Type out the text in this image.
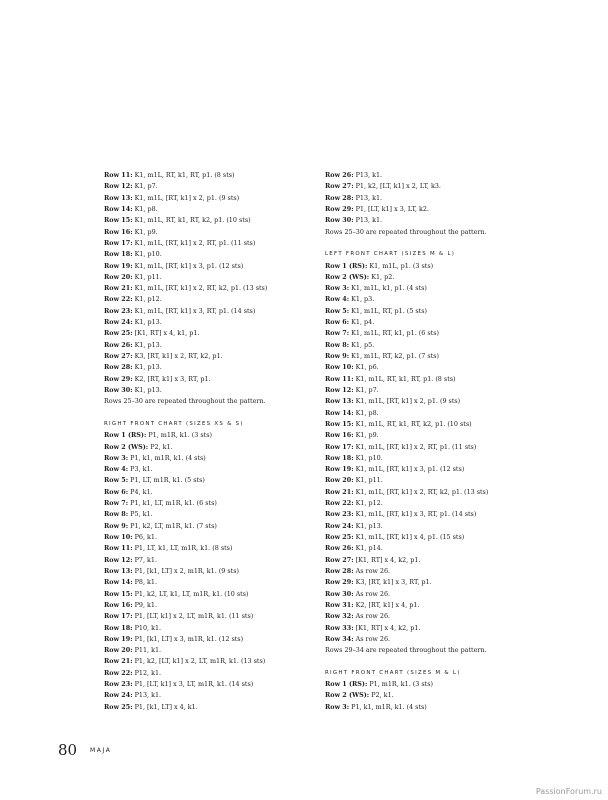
Row 11: K1, m1L, RT, k1, RT, p1. (8 sts)
Row 12: K1, p7.
Row 13: K1, m1L, [RT, k1] x 2, p1. (9 sts)
Row 14: K1, p8.
Row 15: K1, m1L, RT, k1, RT, k2, p1. (10 sts)
Row 16: K1, p9.
Row 17: K1, m1L, [RT, k1] x 2, RT, p1. (11 sts)
Row 18: K1, p10.
Row 19: K1, m1L, [RT, k1] x 3, p1. (12 sts)
Row 20: K1, p11.
Row 21: K1, m1L, [RT, k1] x 2, RT, k2, p1. (13 sts)
Row 22: K1, p12.
Row 23: K1, m1L, [RT, k1] x 3, RT, p1. (14 sts)
Row 24: K1, p13.
Row 25: [K1, RT] x 4, k1, p1.
Row 26: K1, p13.
Row 27: K3, [RT, k1] x 2, RT, k2, p1.
Row 28: K1, p13.
Row 29: K2, [RT, k1] x 3, RT, p1.
Row 30: K1, p13.
Rows 25–30 are repeated throughout the pattern.
RIGHT FRONT CHART (SIZES XS & S)
Row 1 (RS): P1, m1R, k1. (3 sts)
Row 2 (WS): P2, k1.
Row 3: P1, k1, m1R, k1. (4 sts)
Row 4: P3, k1.
Row 5: P1, LT, m1R, k1. (5 sts)
Row 6: P4, k1.
Row 7: P1, k1, LT, m1R, k1. (6 sts)
Row 8: P5, k1.
Row 9: P1, k2, LT, m1R, k1. (7 sts)
Row 10: P6, k1.
Row 11: P1, LT, k1, LT, m1R, k1. (8 sts)
Row 12: P7, k1.
Row 13: P1, [k1, LT] x 2, m1R, k1. (9 sts)
Row 14: P8, k1.
Row 15: P1, k2, LT, k1, LT, m1R, k1. (10 sts)
Row 16: P9, k1.
Row 17: P1, [LT, k1] x 2, LT, m1R, k1. (11 sts)
Row 18: P10, k1.
Row 19: P1, [k1, LT] x 3, m1R, k1. (12 sts)
Row 20: P11, k1.
Row 21: P1, k2, [LT, k1] x 2, LT, m1R, k1. (13 sts)
Row 22: P12, k1.
Row 23: P1, [LT, k1] x 3, LT, m1R, k1. (14 sts)
Row 24: P13, k1.
Row 25: P1, [k1, LT] x 4, k1.
Row 26: P13, k1.
Row 27: P1, k2, [LT, k1] x 2, LT, k3.
Row 28: P13, k1.
Row 29: P1, [LT, k1] x 3, LT, k2.
Row 30: P13, k1.
Rows 25–30 are repeated throughout the pattern.
LEFT FRONT CHART (SIZES M & L)
Row 1 (RS): K1, m1L, p1. (3 sts)
Row 2 (WS): K1, p2.
Row 3: K1, m1L, k1, p1. (4 sts)
Row 4: K1, p3.
Row 5: K1, m1L, RT, p1. (5 sts)
Row 6: K1, p4.
Row 7: K1, m1L, RT, k1, p1. (6 sts)
Row 8: K1, p5.
Row 9: K1, m1L, RT, k2, p1. (7 sts)
Row 10: K1, p6.
Row 11: K1, m1L, RT, k1, RT, p1. (8 sts)
Row 12: K1, p7.
Row 13: K1, m1L, [RT, k1] x 2, p1. (9 sts)
Row 14: K1, p8.
Row 15: K1, m1L, RT, k1, RT, k2, p1. (10 sts)
Row 16: K1, p9.
Row 17: K1, m1L, [RT, k1] x 2, RT, p1. (11 sts)
Row 18: K1, p10.
Row 19: K1, m1L, [RT, k1] x 3, p1. (12 sts)
Row 20: K1, p11.
Row 21: K1, m1L, [RT, k1] x 2, RT, k2, p1. (13 sts)
Row 22: K1, p12.
Row 23: K1, m1L, [RT, k1] x 3, RT, p1. (14 sts)
Row 24: K1, p13.
Row 25: K1, m1L, [RT, k1] x 4, p1. (15 sts)
Row 26: K1, p14.
Row 27: [K1, RT] x 4, k2, p1.
Row 28: As row 26.
Row 29: K3, [RT, k1] x 3, RT, p1.
Row 30: As row 26.
Row 31: K2, [RT, k1] x 4, p1.
Row 32: As row 26.
Row 33: [K1, RT] x 4, k2, p1.
Row 34: As row 26.
Rows 29–34 are repeated throughout the pattern.
RIGHT FRONT CHART (SIZES M & L)
Row 1 (RS): P1, m1R, k1. (3 sts)
Row 2 (WS): P2, k1.
Row 3: P1, k1, m1R, k1. (4 sts)
80 MAJA
PassionForum.ru
